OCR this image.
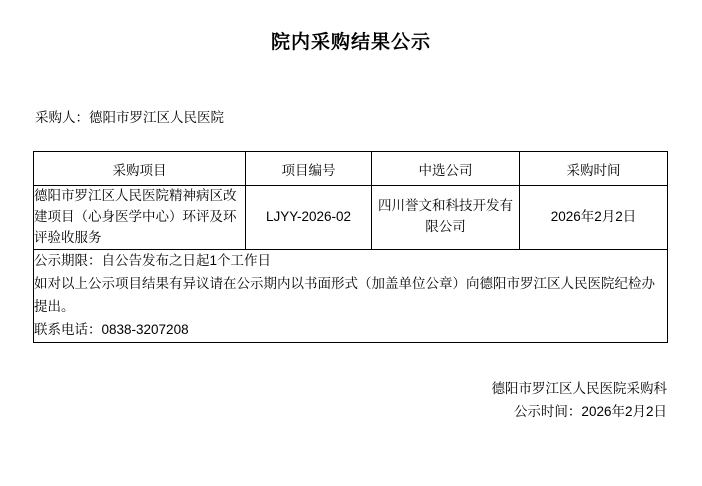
院内采购结果公示
采购人：德阳市罗江区人民医院
采购项目	项目编号	中选公司	采购时间
德阳市罗江区人民医院精神病区改建项目（心身医学中心）环评及环评验收服务	LJYY-2026-02	四川誉文和科技开发有限公司	2026年2月2日

公示期限：自公告发布之日起1个工作日
如对以上公示项目结果有异议请在公示期内以书面形式（加盖单位公章）向德阳市罗江区人民医院纪检办提出。
联系电话：0838-3207208			
德阳市罗江区人民医院采购科
公示时间：2026年2月2日
